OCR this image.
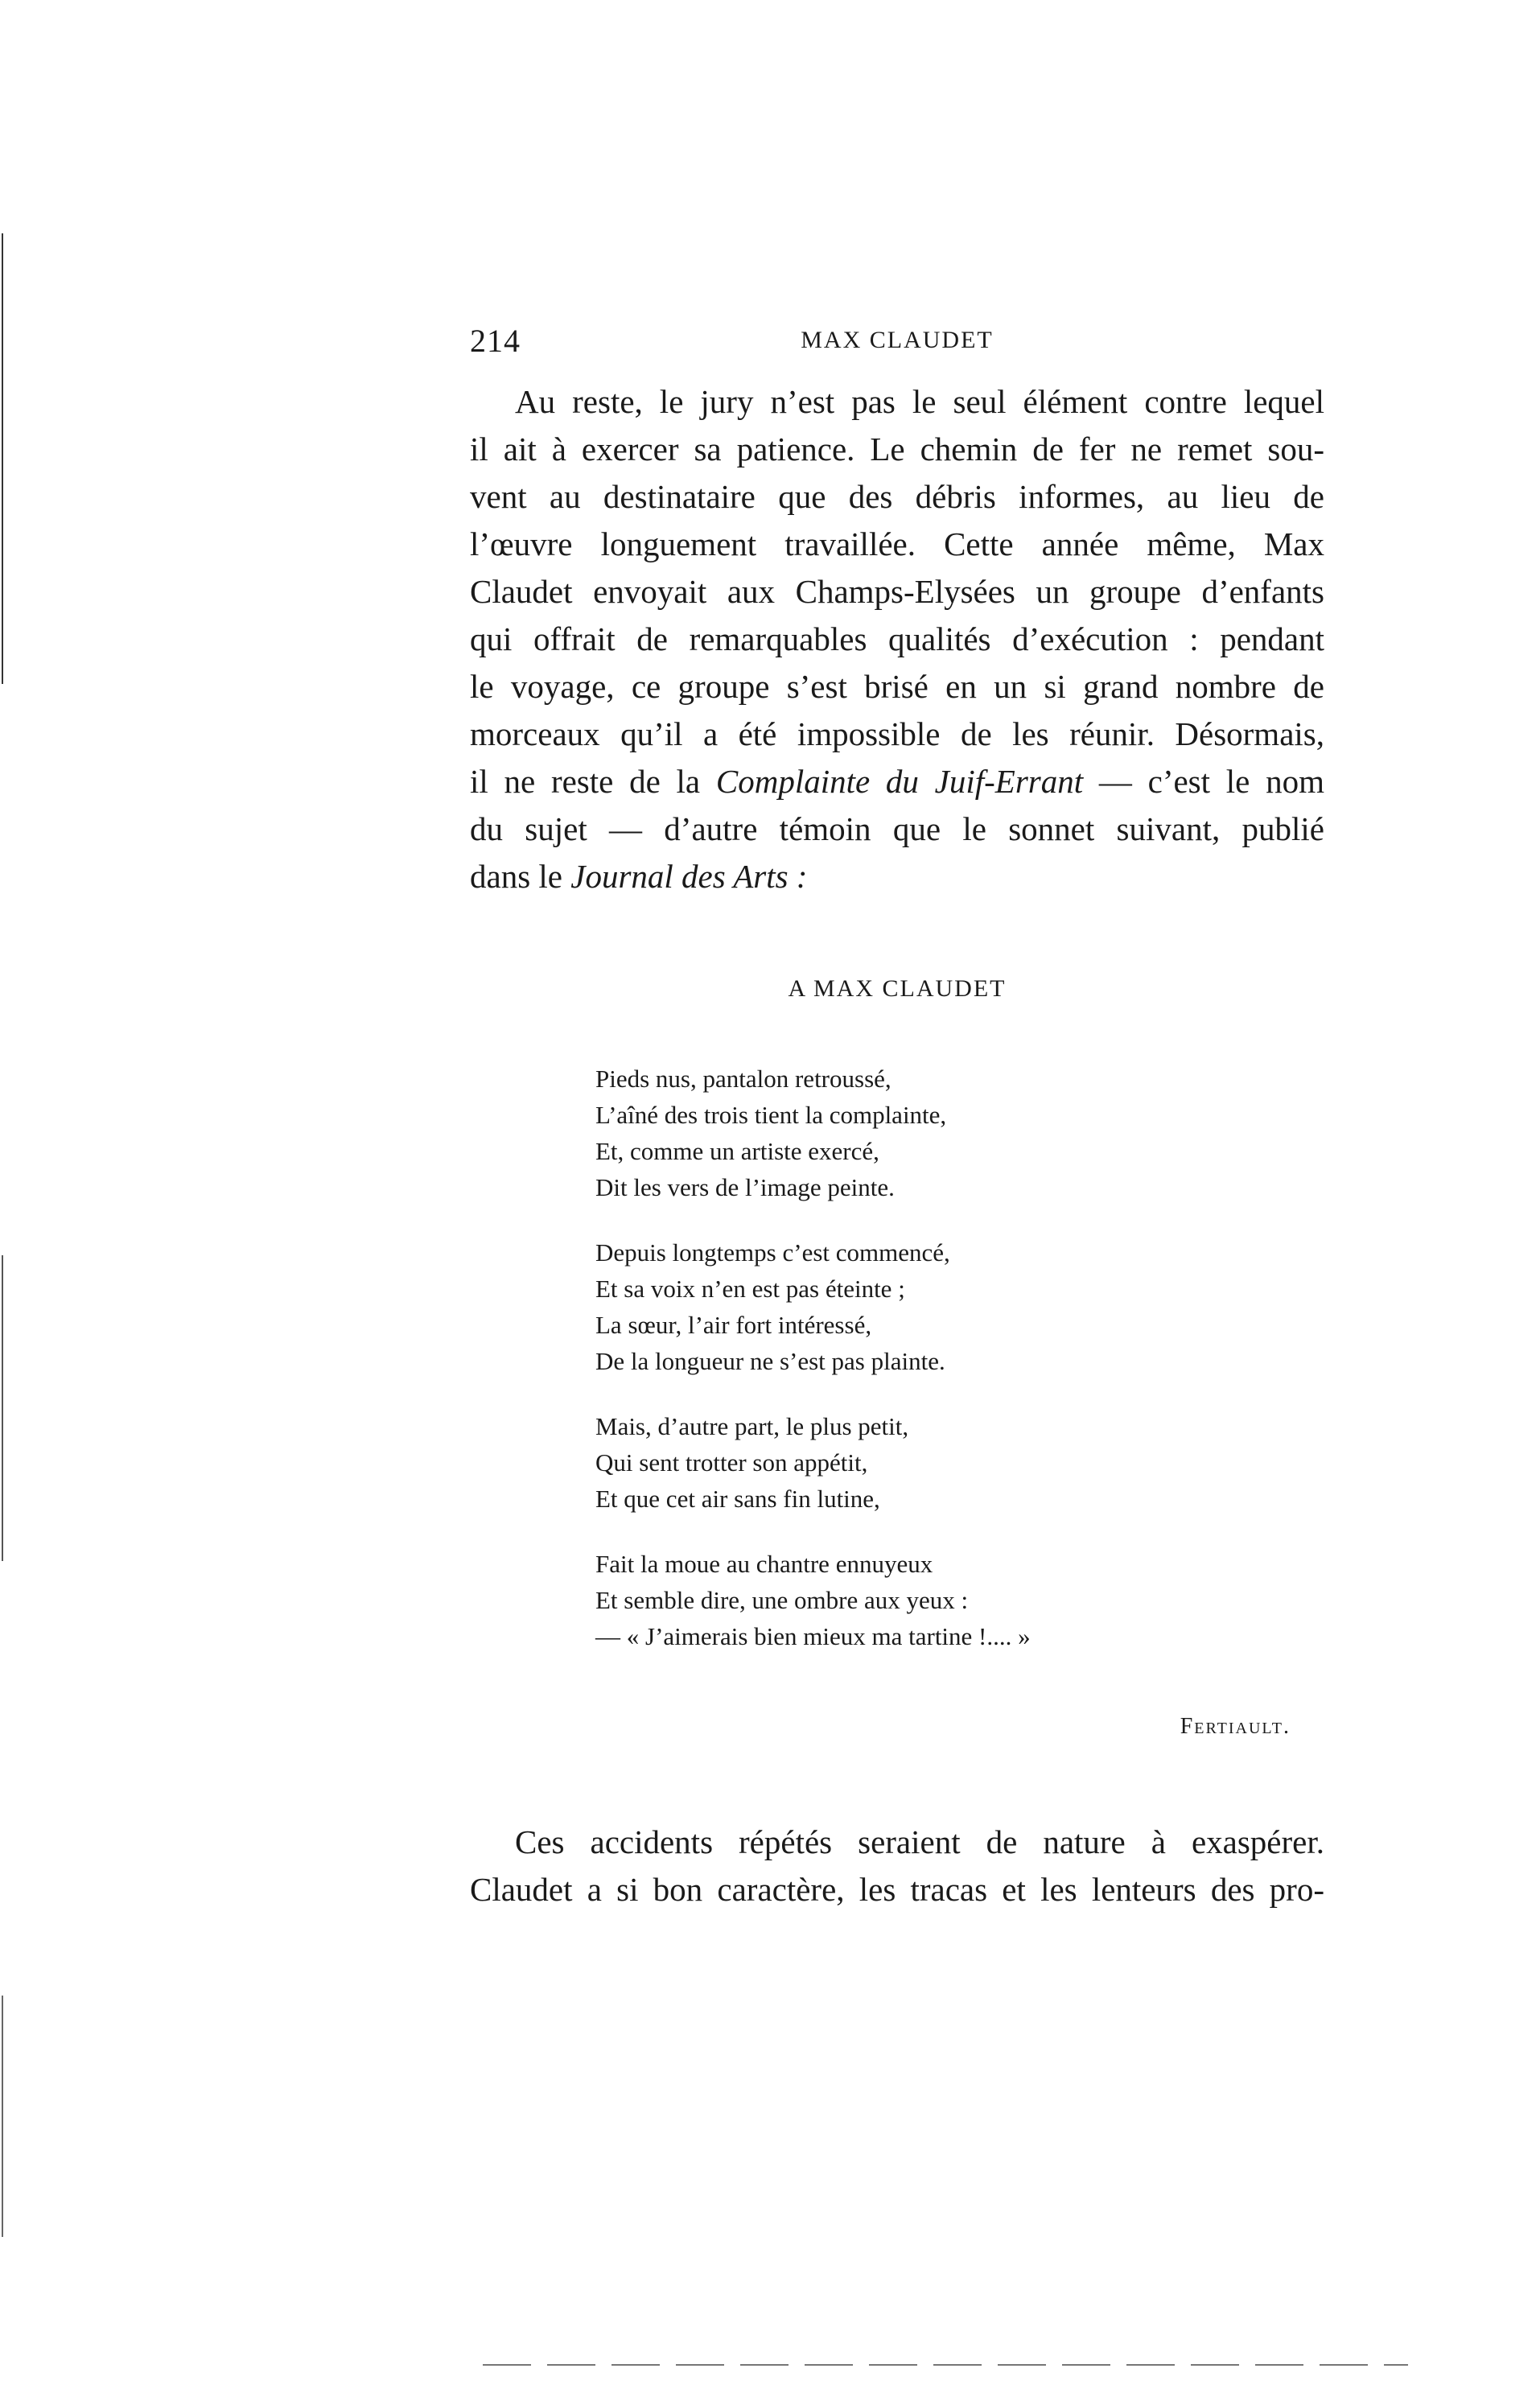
214	MAX CLAUDET
Au reste, le jury n’est pas le seul élément contre lequel
il ait à exercer sa patience. Le chemin de fer ne remet sou-
vent au destinataire que des débris informes, au lieu de
l’œuvre longuement travaillée. Cette année même, Max
Claudet envoyait aux Champs-Elysées un groupe d’enfants
qui offrait de remarquables qualités d’exécution : pendant
le voyage, ce groupe s’est brisé en un si grand nombre de
morceaux qu’il a été impossible de les réunir. Désormais,
il ne reste de la Complainte du Juif-Errant — c’est le nom
du sujet — d’autre témoin que le sonnet suivant, publié
dans le Journal des Arts :
A MAX CLAUDET
Pieds nus, pantalon retroussé,
L’aîné des trois tient la complainte,
Et, comme un artiste exercé,
Dit les vers de l’image peinte.
Depuis longtemps c’est commencé,
Et sa voix n’en est pas éteinte ;
La sœur, l’air fort intéressé,
De la longueur ne s’est pas plainte.
Mais, d’autre part, le plus petit,
Qui sent trotter son appétit,
Et que cet air sans fin lutine,
Fait la moue au chantre ennuyeux
Et semble dire, une ombre aux yeux :
— « J’aimerais bien mieux ma tartine !.... »
Fertiault.
Ces accidents répétés seraient de nature à exaspérer.
Claudet a si bon caractère, les tracas et les lenteurs des pro-
